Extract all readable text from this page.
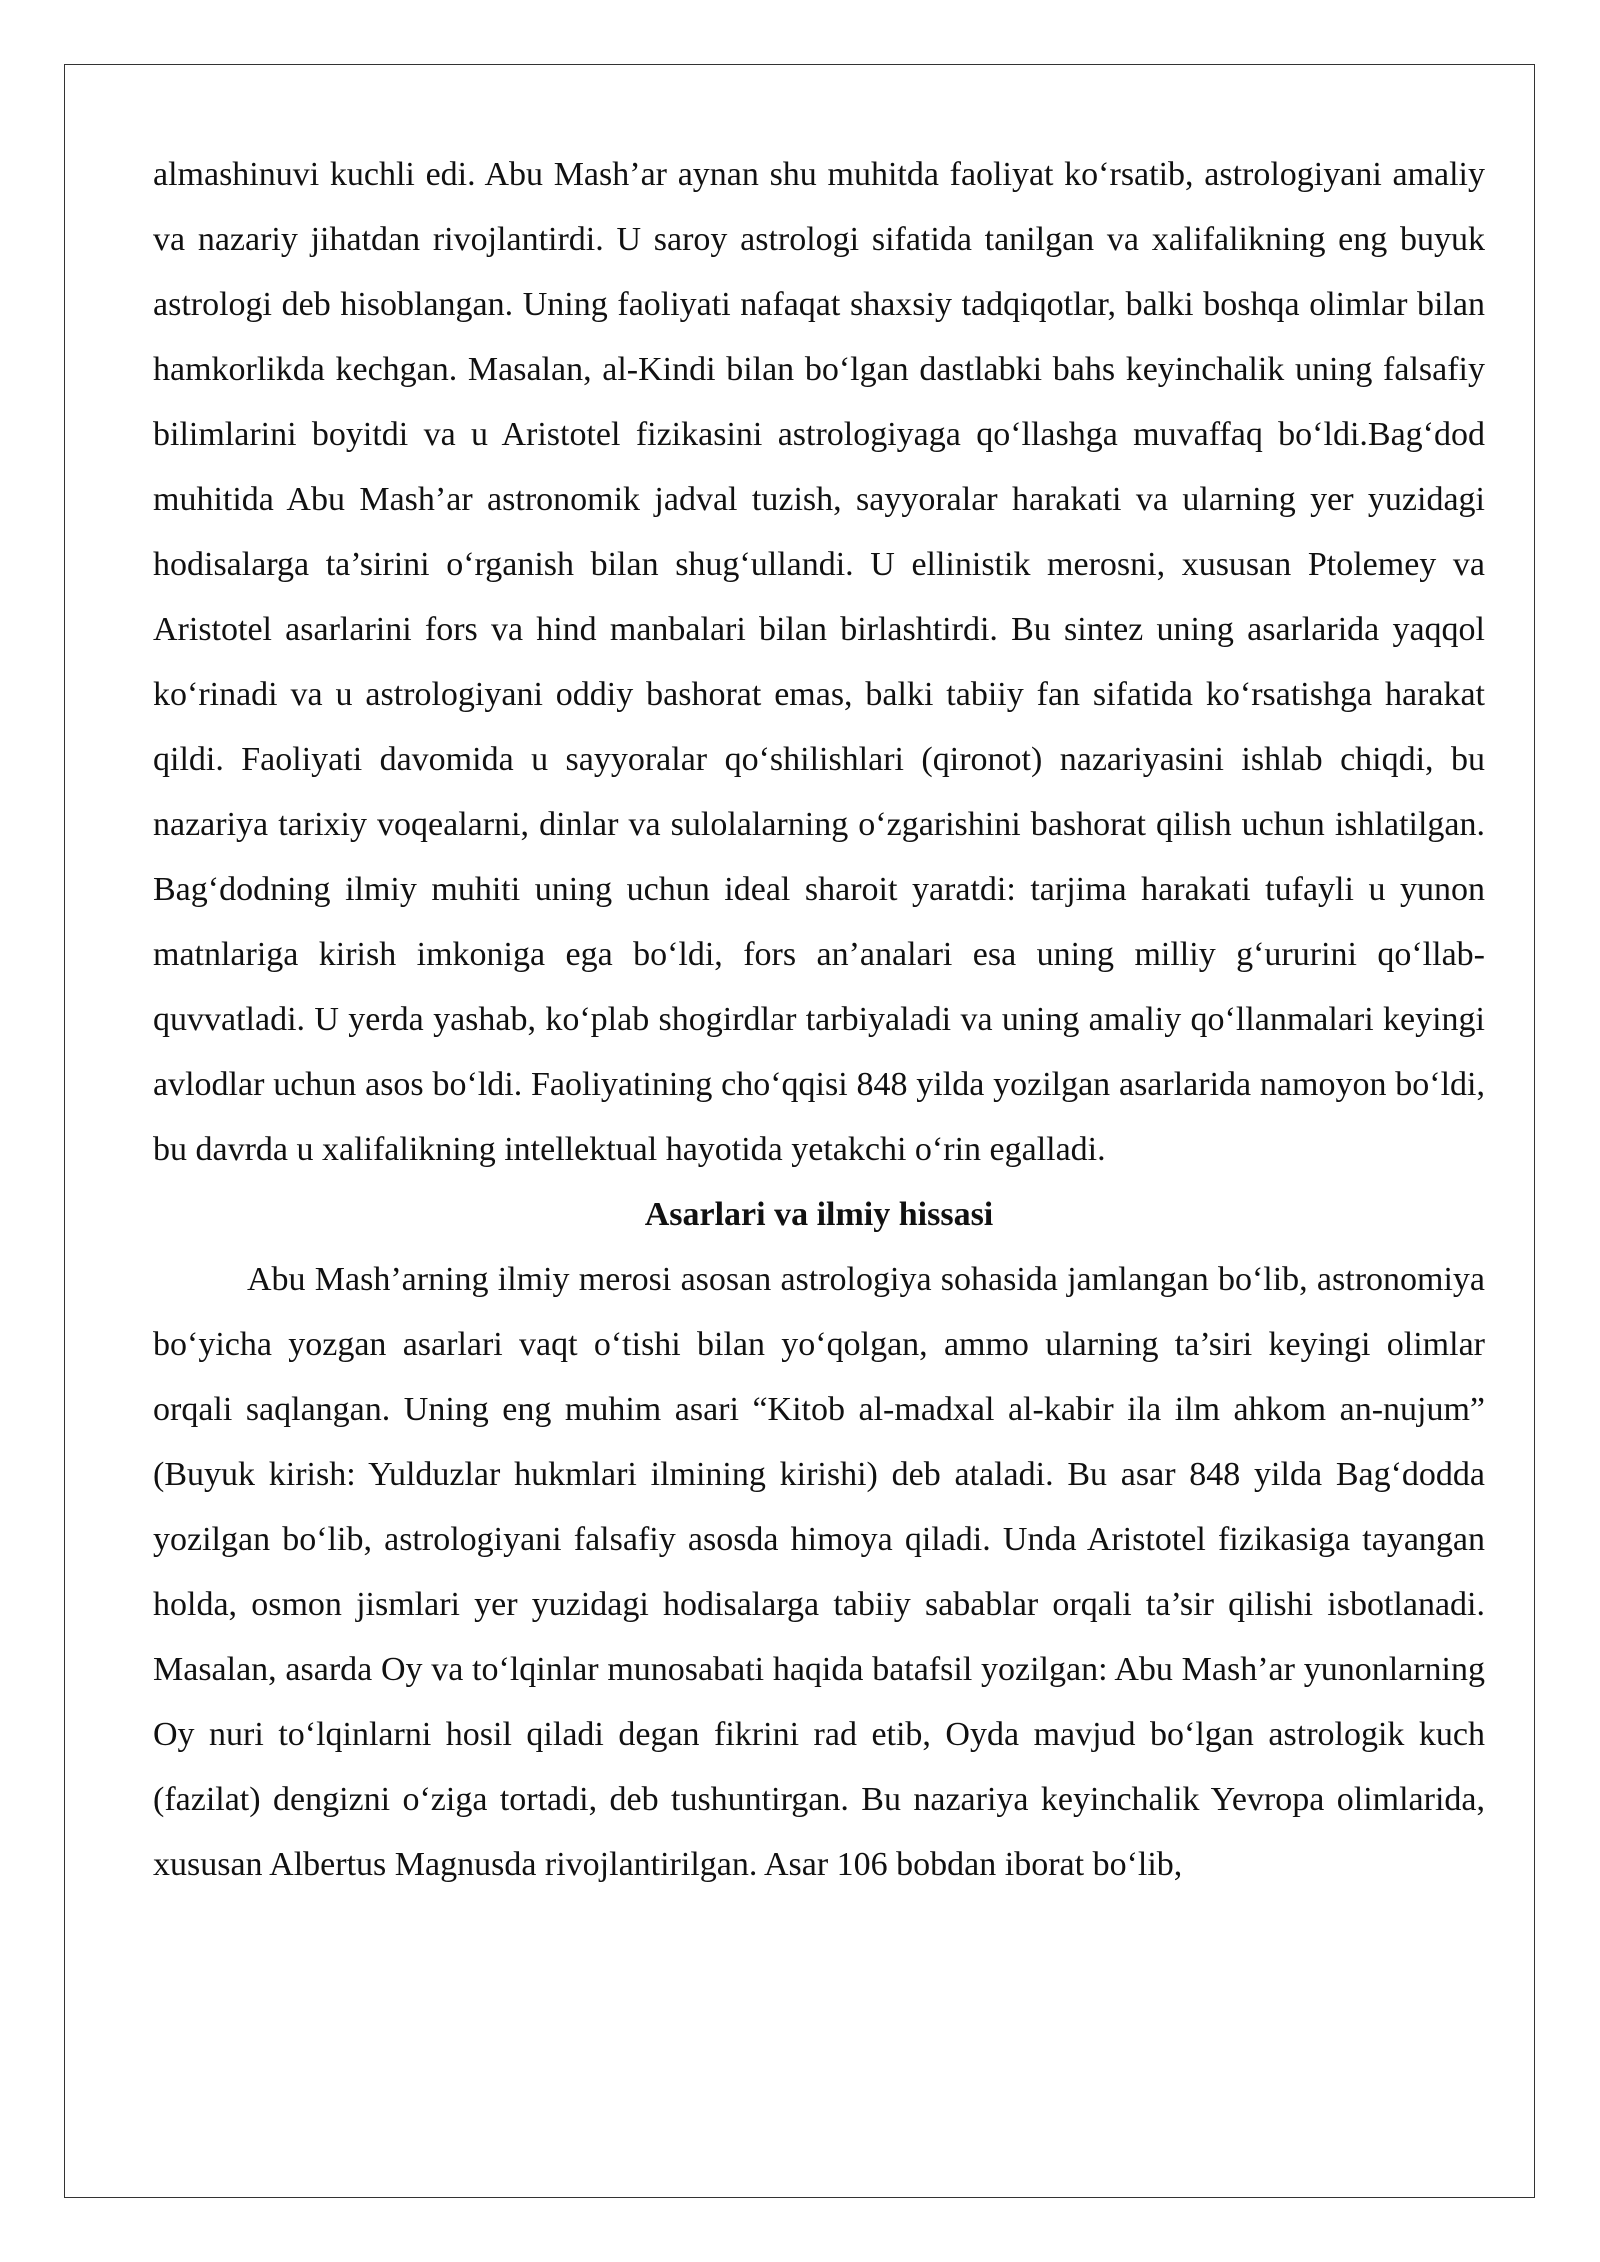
almashinuvi kuchli edi. Abu Mash’ar aynan shu muhitda faoliyat ko‘rsatib, astrologiyani amaliy va nazariy jihatdan rivojlantirdi. U saroy astrologi sifatida tanilgan va xalifalikning eng buyuk astrologi deb hisoblangan. Uning faoliyati nafaqat shaxsiy tadqiqotlar, balki boshqa olimlar bilan hamkorlikda kechgan. Masalan, al-Kindi bilan bo‘lgan dastlabki bahs keyinchalik uning falsafiy bilimlarini boyitdi va u Aristotel fizikasini astrologiyaga qo‘llashga muvaffaq bo‘ldi.Bag‘dod muhitida Abu Mash’ar astronomik jadval tuzish, sayyoralar harakati va ularning yer yuzidagi hodisalarga ta’sirini o‘rganish bilan shug‘ullandi. U ellinistik merosni, xususan Ptolemey va Aristotel asarlarini fors va hind manbalari bilan birlashtirdi. Bu sintez uning asarlarida yaqqol ko‘rinadi va u astrologiyani oddiy bashorat emas, balki tabiiy fan sifatida ko‘rsatishga harakat qildi. Faoliyati davomida u sayyoralar qo‘shilishlari (qironot) nazariyasini ishlab chiqdi, bu nazariya tarixiy voqealarni, dinlar va sulolalarning o‘zgarishini bashorat qilish uchun ishlatilgan. Bag‘dodning ilmiy muhiti uning uchun ideal sharoit yaratdi: tarjima harakati tufayli u yunon matnlariga kirish imkoniga ega bo‘ldi, fors an’analari esa uning milliy g‘ururini qo‘llab-quvvatladi. U yerda yashab, ko‘plab shogirdlar tarbiyaladi va uning amaliy qo‘llanmalari keyingi avlodlar uchun asos bo‘ldi. Faoliyatining cho‘qqisi 848 yilda yozilgan asarlarida namoyon bo‘ldi, bu davrda u xalifalikning intellektual hayotida yetakchi o‘rin egalladi.

Asarlari va ilmiy hissasi

Abu Mash’arning ilmiy merosi asosan astrologiya sohasida jamlangan bo‘lib, astronomiya bo‘yicha yozgan asarlari vaqt o‘tishi bilan yo‘qolgan, ammo ularning ta’siri keyingi olimlar orqali saqlangan. Uning eng muhim asari “Kitob al-madxal al-kabir ila ilm ahkom an-nujum” (Buyuk kirish: Yulduzlar hukmlari ilmining kirishi) deb ataladi. Bu asar 848 yilda Bag‘dodda yozilgan bo‘lib, astrologiyani falsafiy asosda himoya qiladi. Unda Aristotel fizikasiga tayangan holda, osmon jismlari yer yuzidagi hodisalarga tabiiy sabablar orqali ta’sir qilishi isbotlanadi. Masalan, asarda Oy va to‘lqinlar munosabati haqida batafsil yozilgan: Abu Mash’ar yunonlarning Oy nuri to‘lqinlarni hosil qiladi degan fikrini rad etib, Oyda mavjud bo‘lgan astrologik kuch (fazilat) dengizni o‘ziga tortadi, deb tushuntirgan. Bu nazariya keyinchalik Yevropa olimlarida, xususan Albertus Magnusda rivojlantirilgan. Asar 106 bobdan iborat bo‘lib,
